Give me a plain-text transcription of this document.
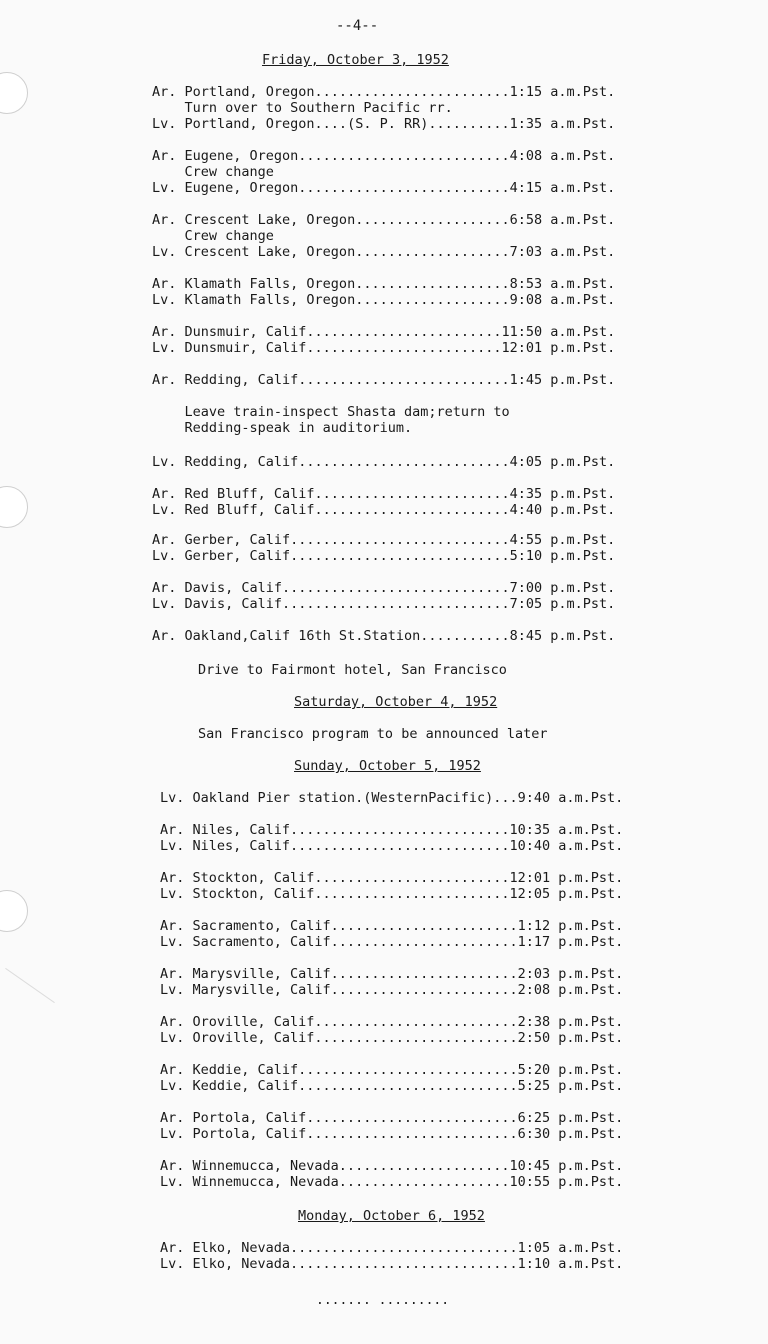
--4--
Friday, October 3, 1952
Ar. Portland, Oregon........................1:15 a.m.Pst.
Turn over to Southern Pacific rr.
Lv. Portland, Oregon....(S. P. RR)..........1:35 a.m.Pst.
Ar. Eugene, Oregon..........................4:08 a.m.Pst.
Crew change
Lv. Eugene, Oregon..........................4:15 a.m.Pst.
Ar. Crescent Lake, Oregon...................6:58 a.m.Pst.
Crew change
Lv. Crescent Lake, Oregon...................7:03 a.m.Pst.
Ar. Klamath Falls, Oregon...................8:53 a.m.Pst.
Lv. Klamath Falls, Oregon...................9:08 a.m.Pst.
Ar. Dunsmuir, Calif........................11:50 a.m.Pst.
Lv. Dunsmuir, Calif........................12:01 p.m.Pst.
Ar. Redding, Calif..........................1:45 p.m.Pst.
Leave train-inspect Shasta dam;return to
Redding-speak in auditorium.
Lv. Redding, Calif..........................4:05 p.m.Pst.
Ar. Red Bluff, Calif........................4:35 p.m.Pst.
Lv. Red Bluff, Calif........................4:40 p.m.Pst.
Ar. Gerber, Calif...........................4:55 p.m.Pst.
Lv. Gerber, Calif...........................5:10 p.m.Pst.
Ar. Davis, Calif............................7:00 p.m.Pst.
Lv. Davis, Calif............................7:05 p.m.Pst.
Ar. Oakland,Calif 16th St.Station...........8:45 p.m.Pst.
Drive to Fairmont hotel, San Francisco
Saturday, October 4, 1952
San Francisco program to be announced later
Sunday, October 5, 1952
Lv. Oakland Pier station.(WesternPacific)...9:40 a.m.Pst.
Ar. Niles, Calif...........................10:35 a.m.Pst.
Lv. Niles, Calif...........................10:40 a.m.Pst.
Ar. Stockton, Calif........................12:01 p.m.Pst.
Lv. Stockton, Calif........................12:05 p.m.Pst.
Ar. Sacramento, Calif.......................1:12 p.m.Pst.
Lv. Sacramento, Calif.......................1:17 p.m.Pst.
Ar. Marysville, Calif.......................2:03 p.m.Pst.
Lv. Marysville, Calif.......................2:08 p.m.Pst.
Ar. Oroville, Calif.........................2:38 p.m.Pst.
Lv. Oroville, Calif.........................2:50 p.m.Pst.
Ar. Keddie, Calif...........................5:20 p.m.Pst.
Lv. Keddie, Calif...........................5:25 p.m.Pst.
Ar. Portola, Calif..........................6:25 p.m.Pst.
Lv. Portola, Calif..........................6:30 p.m.Pst.
Ar. Winnemucca, Nevada.....................10:45 p.m.Pst.
Lv. Winnemucca, Nevada.....................10:55 p.m.Pst.
Monday, October 6, 1952
Ar. Elko, Nevada............................1:05 a.m.Pst.
Lv. Elko, Nevada............................1:10 a.m.Pst.
....... .........
